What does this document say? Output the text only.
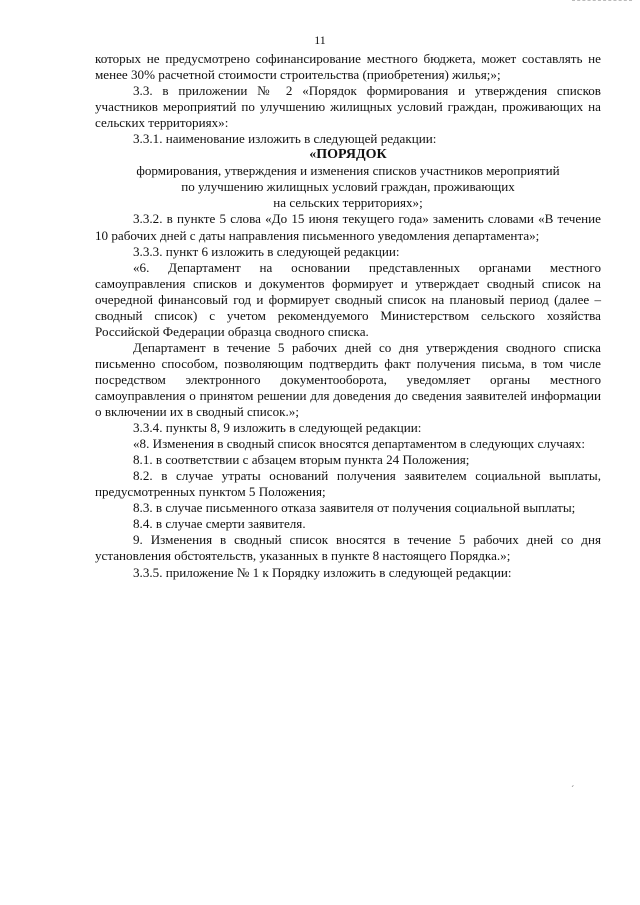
11

которых не предусмотрено софинансирование местного бюджета, может составлять не менее 30% расчетной стоимости строительства (приобретения) жилья;»;

3.3. в приложении № 2 «Порядок формирования и утверждения списков участников мероприятий по улучшению жилищных условий граждан, проживающих на сельских территориях»:

3.3.1. наименование изложить в следующей редакции:

«ПОРЯДОК

формирования, утверждения и изменения списков участников мероприятий

по улучшению жилищных условий граждан, проживающих

на сельских территориях»;

3.3.2. в пункте 5 слова «До 15 июня текущего года» заменить словами «В течение 10 рабочих дней с даты направления письменного уведомления департамента»;

3.3.3. пункт 6 изложить в следующей редакции:

«6. Департамент на основании представленных органами местного самоуправления списков и документов формирует и утверждает сводный список на очередной финансовый год и формирует сводный список на плановый период (далее – сводный список) с учетом рекомендуемого Министерством сельского хозяйства Российской Федерации образца сводного списка.

Департамент в течение 5 рабочих дней со дня утверждения сводного списка письменно способом, позволяющим подтвердить факт получения письма, в том числе посредством электронного документооборота, уведомляет органы местного самоуправления о принятом решении для доведения до сведения заявителей информации о включении их в сводный список.»;

3.3.4. пункты 8, 9 изложить в следующей редакции:

«8. Изменения в сводный список вносятся департаментом в следующих случаях:

8.1. в соответствии с абзацем вторым пункта 24 Положения;

8.2. в случае утраты оснований получения заявителем социальной выплаты, предусмотренных пунктом 5 Положения;

8.3. в случае письменного отказа заявителя от получения социальной выплаты;

8.4. в случае смерти заявителя.

9. Изменения в сводный список вносятся в течение 5 рабочих дней со дня установления обстоятельств, указанных в пункте 8 настоящего Порядка.»;

3.3.5. приложение № 1 к Порядку изложить в следующей редакции:

ˊ
